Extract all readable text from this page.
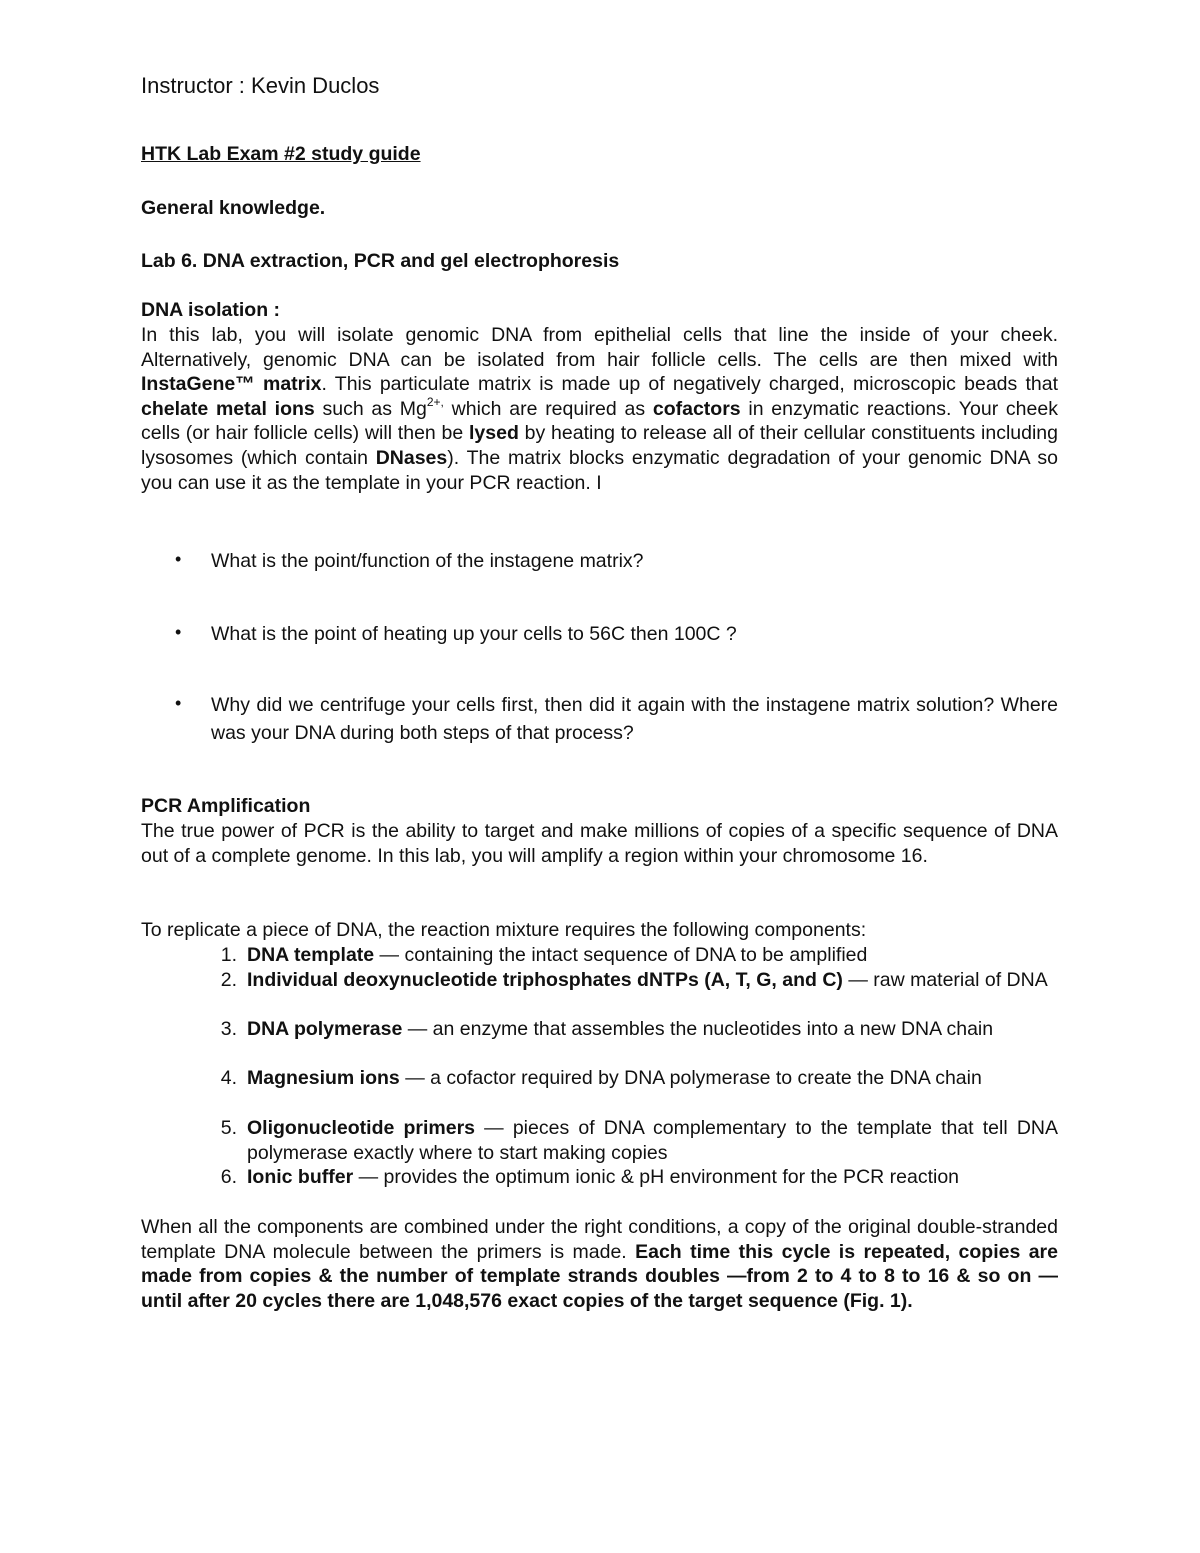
Instructor : Kevin Duclos

HTK Lab Exam #2 study guide

General knowledge.

Lab 6. DNA extraction, PCR and gel electrophoresis

DNA isolation :

In this lab, you will isolate genomic DNA from epithelial cells that line the inside of your cheek. Alternatively, genomic DNA can be isolated from hair follicle cells. The cells are then mixed with InstaGene™ matrix. This particulate matrix is made up of negatively charged, microscopic beads that chelate metal ions such as $Mg^{2+,}$ which are required as cofactors in enzymatic reactions. Your cheek cells (or hair follicle cells) will then be lysed by heating to release all of their cellular constituents including lysosomes (which contain DNases). The matrix blocks enzymatic degradation of your genomic DNA so you can use it as the template in your PCR reaction. I

• What is the point/function of the instagene matrix?
• What is the point of heating up your cells to 56C then 100C ?
• Why did we centrifuge your cells first, then did it again with the instagene matrix solution? Where was your DNA during both steps of that process?

PCR Amplification

The true power of PCR is the ability to target and make millions of copies of a specific sequence of DNA out of a complete genome. In this lab, you will amplify a region within your chromosome 16.

To replicate a piece of DNA, the reaction mixture requires the following components:

1. DNA template — containing the intact sequence of DNA to be amplified
2. Individual deoxynucleotide triphosphates dNTPs (A, T, G, and C) — raw material of DNA
3. DNA polymerase — an enzyme that assembles the nucleotides into a new DNA chain
4. Magnesium ions — a cofactor required by DNA polymerase to create the DNA chain
5. Oligonucleotide primers — pieces of DNA complementary to the template that tell DNA polymerase exactly where to start making copies
6. Ionic buffer — provides the optimum ionic & pH environment for the PCR reaction

When all the components are combined under the right conditions, a copy of the original double-stranded template DNA molecule between the primers is made. Each time this cycle is repeated, copies are made from copies & the number of template strands doubles —from 2 to 4 to 8 to 16 & so on — until after 20 cycles there are 1,048,576 exact copies of the target sequence (Fig. 1).
